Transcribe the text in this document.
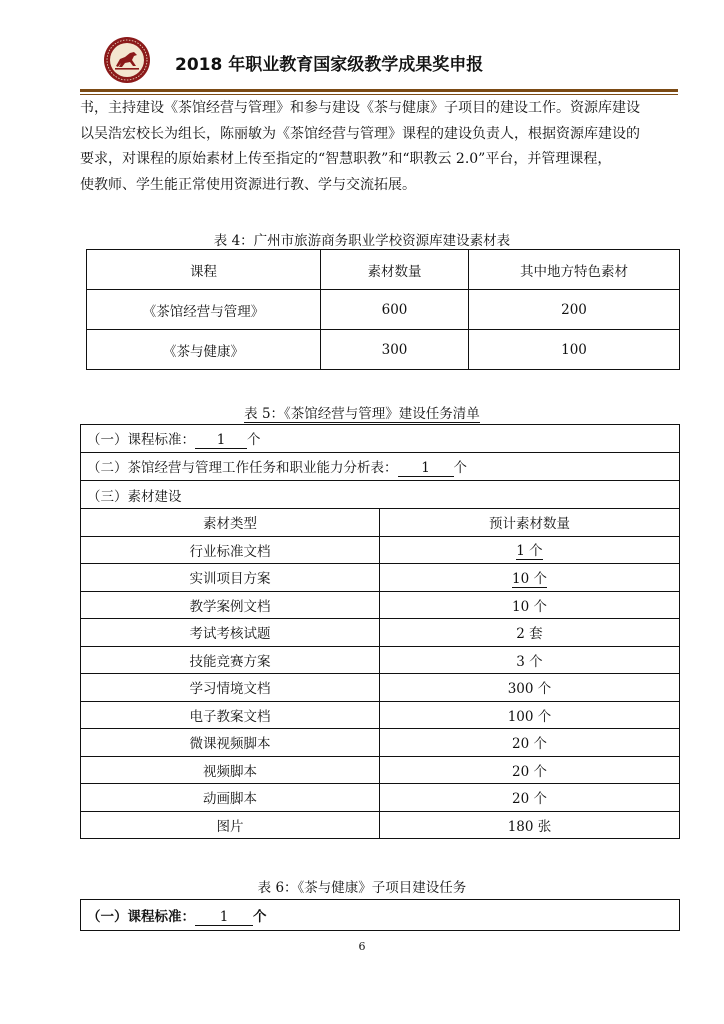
2018 年职业教育国家级教学成果奖申报
书，主持建设《茶馆经营与管理》和参与建设《茶与健康》子项目的建设工作。资源库建设
以吴浩宏校长为组长，陈丽敏为《茶馆经营与管理》课程的建设负责人，根据资源库建设的
要求，对课程的原始素材上传至指定的“智慧职教”和“职教云 2.0”平台，并管理课程，
使教师、学生能正常使用资源进行教、学与交流拓展。
表 4：广州市旅游商务职业学校资源库建设素材表
课程	素材数量	其中地方特色素材
《茶馆经营与管理》	600	200
《茶与健康》	300	100
表 5：《茶馆经营与管理》建设任务清单
（一）课程标准： 1 个	
（二）茶馆经营与管理工作任务和职业能力分析表： 1 个	
（三）素材建设	
素材类型	预计素材数量
行业标准文档	1 个
实训项目方案	10 个
教学案例文档	10 个
考试考核试题	2 套
技能竞赛方案	3 个
学习情境文档	300 个
电子教案文档	100 个
微课视频脚本	20 个
视频脚本	20 个
动画脚本	20 个
图片	180 张
表 6：《茶与健康》子项目建设任务
（一）课程标准： 1 个
6
